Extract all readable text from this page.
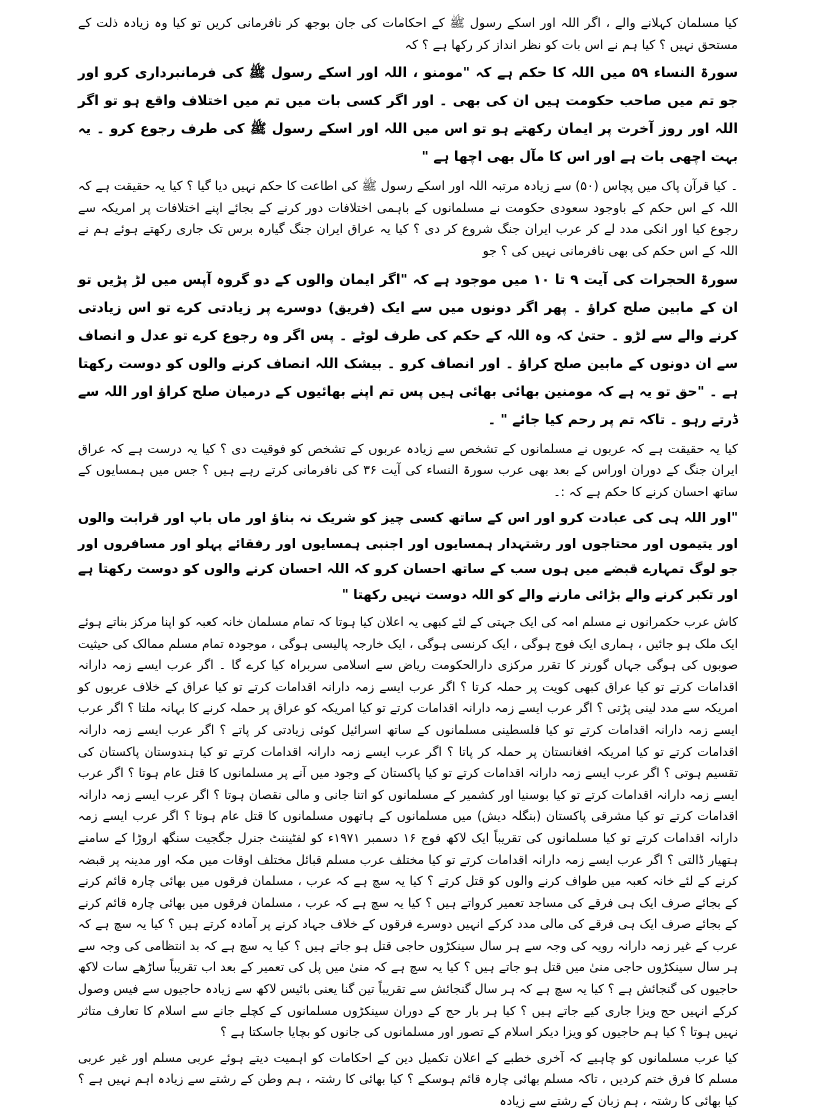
کیا مسلمان کہلانے والے ، اگر اللہ اور اسکے رسول ﷺ کے احکامات کی جان بوجھ کر نافرمانی کریں تو کیا وہ زیادہ ذلت کے مستحق نہیں ؟ کیا ہم نے اس بات کو نظر انداز کر رکھا ہے ؟ کہ

سورۃ النساء ۵۹ میں اللہ کا حکم ہے کہ "مومنو ، اللہ اور اسکے رسول ﷺ کی فرمانبرداری کرو اور جو تم میں صاحب حکومت ہیں ان کی بھی ۔ اور اگر کسی بات میں تم میں اختلاف واقع ہو تو اگر اللہ اور روز آخرت پر ایمان رکھتے ہو تو اس میں اللہ اور اسکے رسول ﷺ کی طرف رجوع کرو ۔ یہ بہت اچھی بات ہے اور اس کا مآل بھی اچھا ہے "

۔ کیا قرآن پاک میں پچاس (۵۰) سے زیادہ مرتبہ اللہ اور اسکے رسول ﷺ کی اطاعت کا حکم نہیں دیا گیا ؟ کیا یہ حقیقت ہے کہ اللہ کے اس حکم کے باوجود سعودی حکومت نے مسلمانوں کے باہمی اختلافات دور کرنے کے بجائے اپنے اختلافات پر امریکہ سے رجوع کیا اور انکی مدد لے کر عرب ایران جنگ شروع کر دی ؟ کیا یہ عراق ایران جنگ گیارہ برس تک جاری رکھتے ہوئے ہم نے اللہ کے اس حکم کی بھی نافرمانی نہیں کی ؟ جو

سورۃ الحجرات کی آیت ۹ تا ۱۰ میں موجود ہے کہ "اگر ایمان والوں کے دو گروہ آپس میں لڑ پڑیں تو ان کے مابین صلح کراؤ ۔ پھر اگر دونوں میں سے ایک (فریق) دوسرے پر زیادتی کرے تو اس زیادتی کرنے والے سے لڑو ۔ حتیٰ کہ وہ اللہ کے حکم کی طرف لوٹے ۔ پس اگر وہ رجوع کرے تو عدل و انصاف سے ان دونوں کے مابین صلح کراؤ ۔ اور انصاف کرو ۔ بیشک اللہ انصاف کرنے والوں کو دوست رکھتا ہے ۔ "حق تو یہ ہے کہ مومنین بھائی بھائی ہیں پس تم اپنے بھائیوں کے درمیان صلح کراؤ اور اللہ سے ڈرتے رہو ۔ تاکہ تم پر رحم کیا جائے " ۔

کیا یہ حقیقت ہے کہ عربوں نے مسلمانوں کے تشخص سے زیادہ عربوں کے تشخص کو فوقیت دی ؟ کیا یہ درست ہے کہ عراق ایران جنگ کے دوران اوراس کے بعد بھی عرب سورۃ النساء کی آیت ۳۶ کی نافرمانی کرتے رہے ہیں ؟ جس میں ہمسایوں کے ساتھ احسان کرنے کا حکم ہے کہ :۔

"اور اللہ ہی کی عبادت کرو اور اس کے ساتھ کسی چیز کو شریک نہ بناؤ اور ماں باپ اور قرابت والوں اور یتیموں اور محتاجوں اور رشتہدار ہمسایوں اور اجنبی ہمسایوں اور رفقائے پہلو اور مسافروں اور جو لوگ تمہارے قبضے میں ہوں سب کے ساتھ احسان کرو کہ اللہ احسان کرنے والوں کو دوست رکھتا ہے اور تکبر کرنے والے بڑائی مارنے والے کو اللہ دوست نہیں رکھتا "

کاش عرب حکمرانوں نے مسلم امہ کی ایک جہتی کے لئے کبھی یہ اعلان کیا ہوتا کہ تمام مسلمان خانہ کعبہ کو اپنا مرکز بناتے ہوئے ایک ملک ہو جائیں ، ہماری ایک فوج ہوگی ، ایک کرنسی ہوگی ، ایک خارجہ پالیسی ہوگی ، موجودہ تمام مسلم ممالک کی حیثیت صوبوں کی ہوگی جہاں گورنر کا تقرر مرکزی دارالحکومت ریاض سے اسلامی سربراہ کیا کرے گا ۔ اگر عرب ایسے زمہ دارانہ اقدامات کرتے تو کیا عراق کبھی کویت پر حملہ کرتا ؟ اگر عرب ایسے زمہ دارانہ اقدامات کرتے تو کیا عراق کے خلاف عربوں کو امریکہ سے مدد لینی پڑتی ؟ اگر عرب ایسے زمہ دارانہ اقدامات کرتے تو کیا امریکہ کو عراق پر حملہ کرنے کا بہانہ ملتا ؟ اگر عرب ایسے زمہ دارانہ اقدامات کرتے تو کیا فلسطینی مسلمانوں کے ساتھ اسرائیل کوئی زیادتی کر پاتے ؟ اگر عرب ایسے زمہ دارانہ اقدامات کرتے تو کیا امریکہ افغانستان پر حملہ کر پاتا ؟ اگر عرب ایسے زمہ دارانہ اقدامات کرتے تو کیا ہندوستان پاکستان کی تقسیم ہوتی ؟ اگر عرب ایسے زمہ دارانہ اقدامات کرتے تو کیا پاکستان کے وجود میں آنے پر مسلمانوں کا قتل عام ہوتا ؟ اگر عرب ایسے زمہ دارانہ اقدامات کرتے تو کیا بوسنیا اور کشمیر کے مسلمانوں کو اتنا جانی و مالی نقصان ہوتا ؟ اگر عرب ایسے زمہ دارانہ اقدامات کرتے تو کیا مشرقی پاکستان (بنگلہ دیش) میں مسلمانوں کے ہاتھوں مسلمانوں کا قتل عام ہوتا ؟ اگر عرب ایسے زمہ دارانہ اقدامات کرتے تو کیا مسلمانوں کی تقریباً ایک لاکھ فوج ۱۶ دسمبر ۱۹۷۱ء کو لفٹیننٹ جنرل جگجیت سنگھ اروڑا کے سامنے ہتھیار ڈالتی ؟ اگر عرب ایسے زمہ دارانہ اقدامات کرتے تو کیا مختلف عرب مسلم قبائل مختلف اوقات میں مکہ اور مدینہ پر قبضہ کرنے کے لئے خانہ کعبہ میں طواف کرنے والوں کو قتل کرتے ؟ کیا یہ سچ ہے کہ عرب ، مسلمان فرقوں میں بھائی چارہ قائم کرنے کے بجائے صرف ایک ہی فرقے کی مساجد تعمیر کرواتے ہیں ؟ کیا یہ سچ ہے کہ عرب ، مسلمان فرقوں میں بھائی چارہ قائم کرنے کے بجائے صرف ایک ہی فرقے کی مالی مدد کرکے انہیں دوسرے فرقوں کے خلاف جہاد کرنے پر آمادہ کرتے ہیں ؟ کیا یہ سچ ہے کہ عرب کے غیر زمہ دارانہ رویہ کی وجہ سے ہر سال سینکڑوں حاجی قتل ہو جاتے ہیں ؟ کیا یہ سچ ہے کہ بد انتظامی کی وجہ سے ہر سال سینکڑوں حاجی منیٰ میں قتل ہو جاتے ہیں ؟ کیا یہ سچ ہے کہ منیٰ میں پل کی تعمیر کے بعد اب تقریباً ساڑھے سات لاکھ حاجیوں کی گنجائش ہے ؟ کیا یہ سچ ہے کہ ہر سال گنجائش سے تقریباً تین گنا یعنی بائیس لاکھ سے زیادہ حاجیوں سے فیس وصول کرکے انہیں حج ویزا جاری کیے جاتے ہیں ؟ کیا ہر بار حج کے دوران سینکڑوں مسلمانوں کے کچلے جانے سے اسلام کا تعارف متاثر نہیں ہوتا ؟ کیا ہم حاجیوں کو ویزا دیکر اسلام کے تصور اور مسلمانوں کی جانوں کو بچایا جاسکتا ہے ؟

کیا عرب مسلمانوں کو چاہیے کہ آخری خطبے کے اعلان تکمیل دین کے احکامات کو اہمیت دیتے ہوئے عربی مسلم اور غیر عربی مسلم کا فرق ختم کردیں ، تاکہ مسلم بھائی چارہ قائم ہوسکے ؟ کیا بھائی کا رشتہ ، ہم وطن کے رشتے سے زیادہ اہم نہیں ہے ؟ کیا بھائی کا رشتہ ، ہم زبان کے رشتے سے زیادہ
